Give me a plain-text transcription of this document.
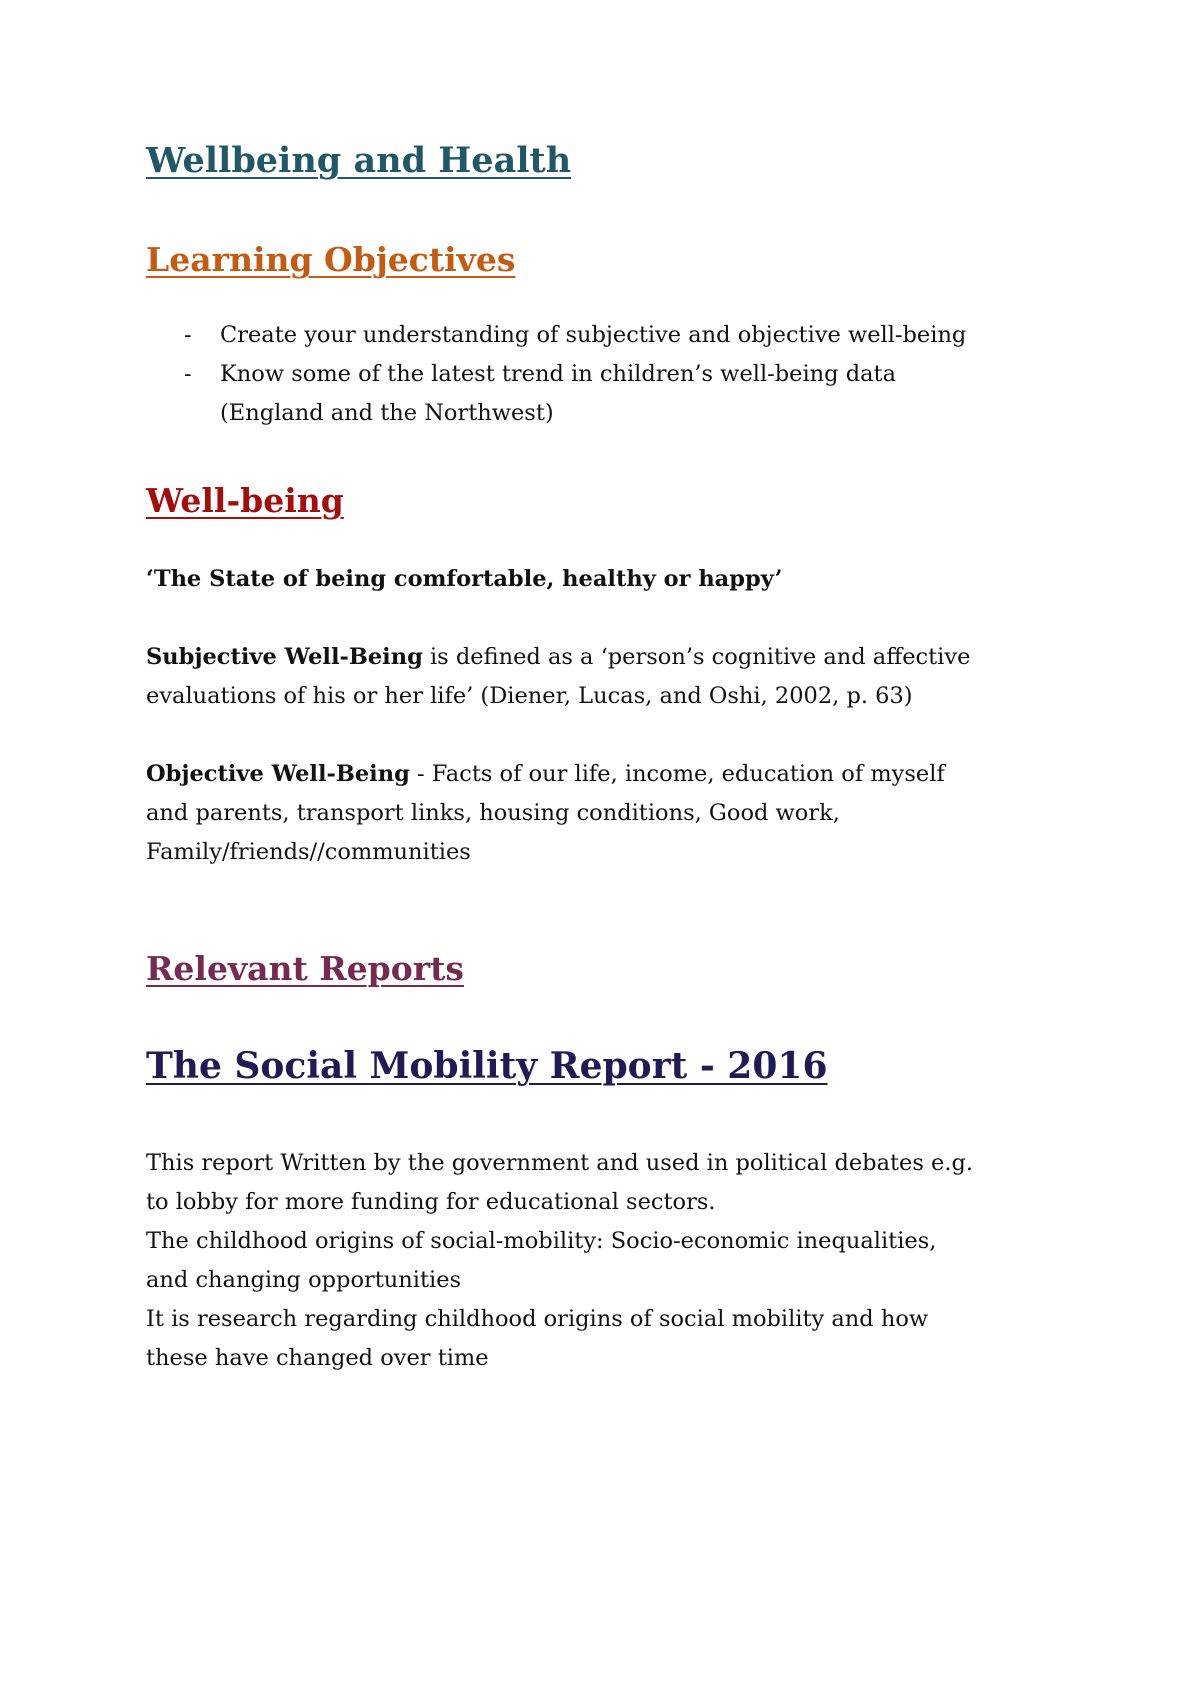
Wellbeing and Health
Learning Objectives
- Create your understanding of subjective and objective well-being
- Know some of the latest trend in children’s well-being data
(England and the Northwest)
Well-being

‘The State of being comfortable, healthy or happy’

Subjective Well-Being is defined as a ‘person’s cognitive and affective
evaluations of his or her life’ (Diener, Lucas, and Oshi, 2002, p. 63)

Objective Well-Being - Facts of our life, income, education of myself
and parents, transport links, housing conditions, Good work,
Family/friends//communities

Relevant Reports
The Social Mobility Report - 2016

This report Written by the government and used in political debates e.g.
to lobby for more funding for educational sectors.
The childhood origins of social-mobility: Socio-economic inequalities,
and changing opportunities
It is research regarding childhood origins of social mobility and how
these have changed over time
